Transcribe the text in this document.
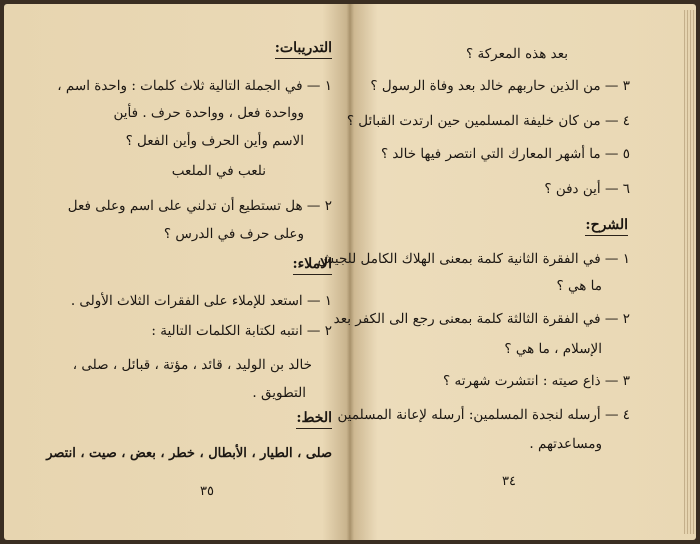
التدريبات:
١ — في الجملة التالية ثلاث كلمات : واحدة اسم ،
وواحدة فعل ، وواحدة حرف . فأين
الاسم وأين الحرف وأين الفعل ؟
نلعب في الملعب
٢ — هل تستطيع أن تدلني على اسم وعلى فعل
وعلى حرف في الدرس ؟
الاملاء:
١ — استعد للإملاء على الفقرات الثلاث الأولى .
٢ — انتبه لكتابة الكلمات التالية :
خالد بن الوليد ، قائد ، مؤتة ، قبائل ، صلى ،
التطويق .
الخط:
صلى ، الطيار ، الأبطال ، خطر ، بعض ، صيت ، انتصر
٣٥
بعد هذه المعركة ؟
٣ — من الذين حاربهم خالد بعد وفاة الرسول ؟
٤ — من كان خليفة المسلمين حين ارتدت القبائل ؟
٥ — ما أشهر المعارك التي انتصر فيها خالد ؟
٦ — أين دفن ؟
الشرح:
١ — في الفقرة الثانية كلمة بمعنى الهلاك الكامل للجيش
ما هي ؟
٢ — في الفقرة الثالثة كلمة بمعنى رجع الى الكفر بعد
الإسلام ، ما هي ؟
٣ — ذاع صيته : انتشرت شهرته ؟
٤ — أرسله لنجدة المسلمين: أرسله لإعانة المسلمين
ومساعدتهم .
٣٤
